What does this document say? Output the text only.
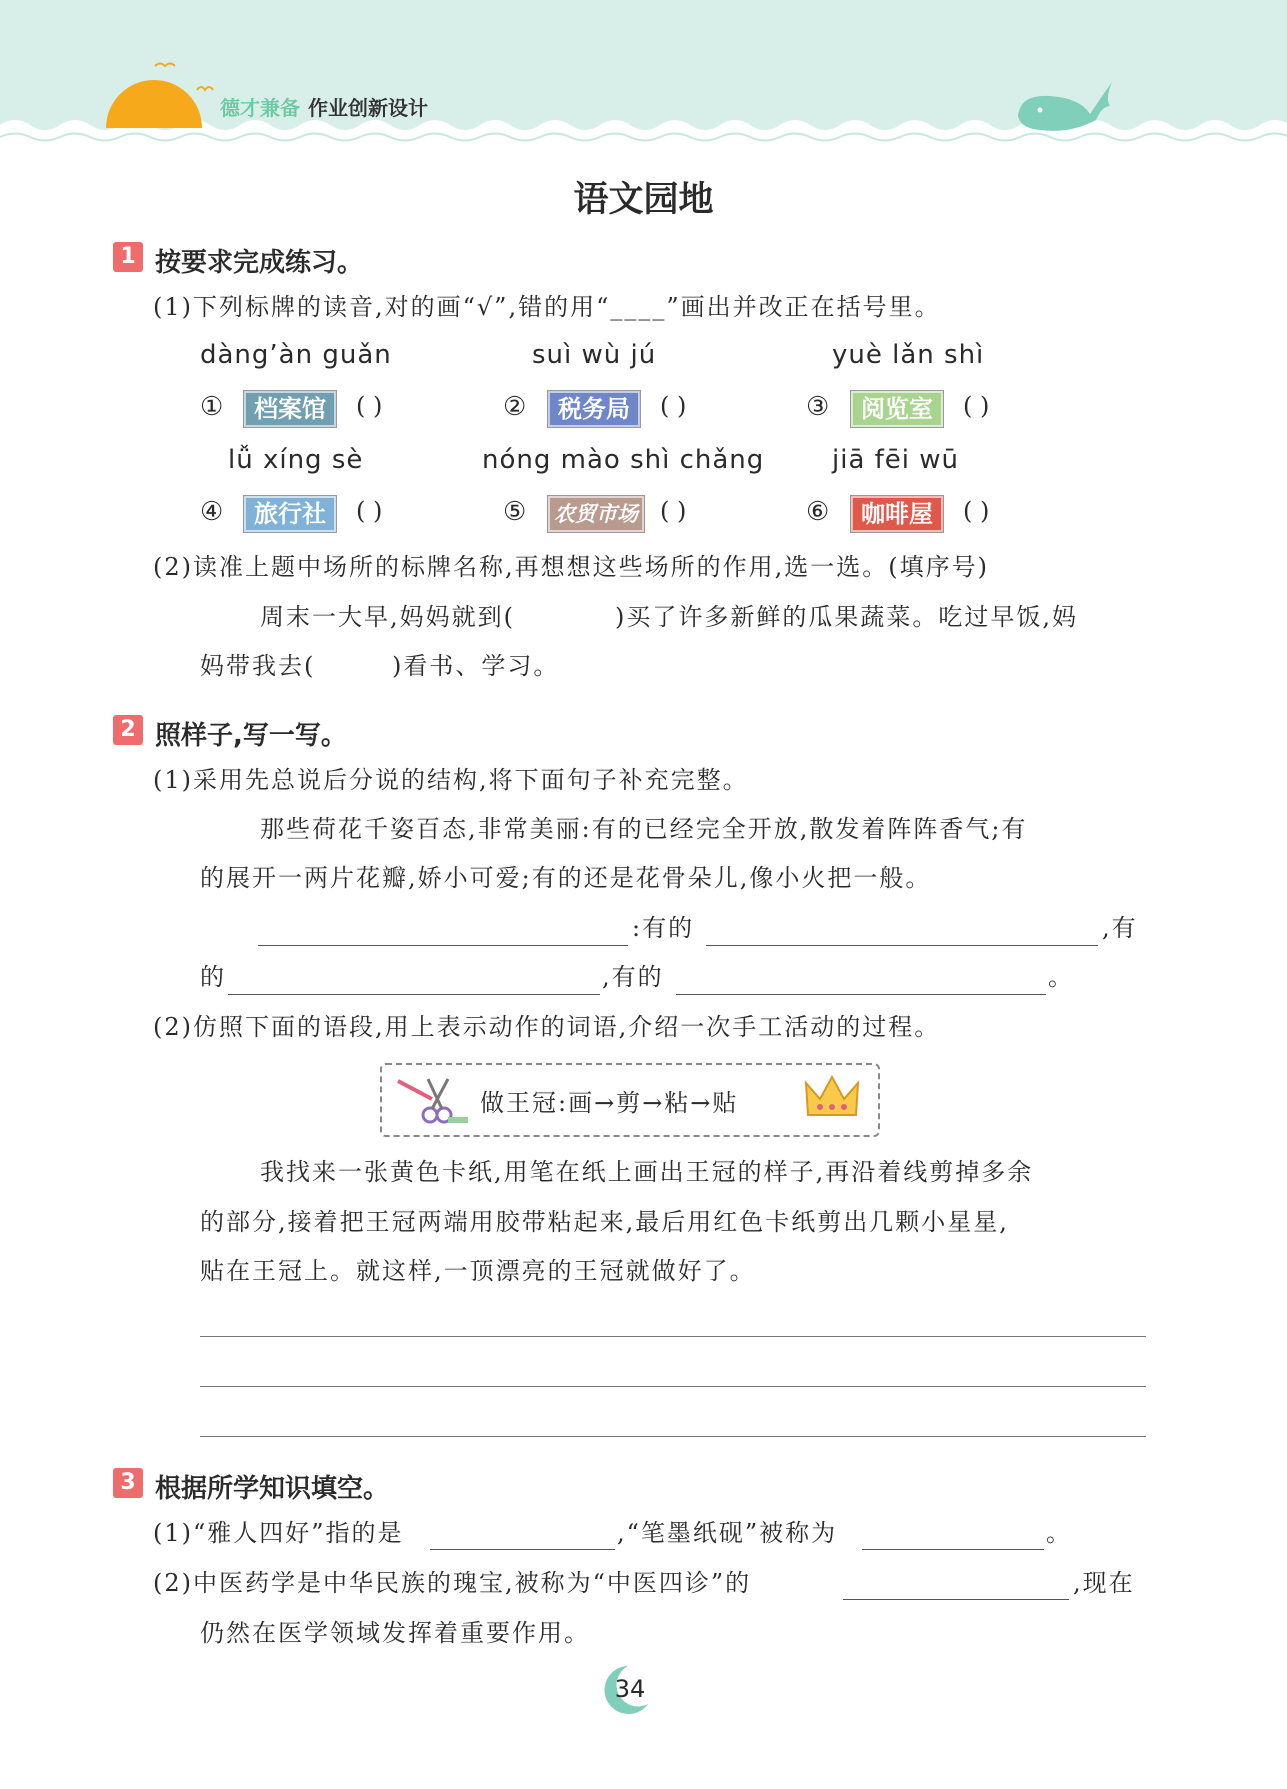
德才兼备 作业创新设计
语文园地
1 按要求完成练习。
(1)下列标牌的读音,对的画“√”,错的用“____”画出并改正在括号里。
dàng’àn guǎn	suì wù jú	yuè lǎn shì
①	档案馆	( )	②	税务局	( )	③	阅览室	( )
lǚ xíng sè	nóng mào shì chǎng	jiā fēi wū
④	旅行社	( )	⑤ 农贸市场 ( )	⑥	咖啡屋	( )
(2)读准上题中场所的标牌名称,再想想这些场所的作用,选一选。(填序号)
周末一大早,妈妈就到(	)买了许多新鲜的瓜果蔬菜。吃过早饭,妈
妈带我去(	)看书、学习。
2 照样子,写一写。
(1)采用先总说后分说的结构,将下面句子补充完整。
那些荷花千姿百态,非常美丽:有的已经完全开放,散发着阵阵香气;有
的展开一两片花瓣,娇小可爱;有的还是花骨朵儿,像小火把一般。
:有的	,有
的	,有的	。
(2)仿照下面的语段,用上表示动作的词语,介绍一次手工活动的过程。
做王冠:画→剪→粘→贴
我找来一张黄色卡纸,用笔在纸上画出王冠的样子,再沿着线剪掉多余
的部分,接着把王冠两端用胶带粘起来,最后用红色卡纸剪出几颗小星星,
贴在王冠上。就这样,一顶漂亮的王冠就做好了。
3 根据所学知识填空。
(1)“雅人四好”指的是	,“笔墨纸砚”被称为	。
(2)中医药学是中华民族的瑰宝,被称为“中医四诊”的	,现在
仍然在医学领域发挥着重要作用。
34
